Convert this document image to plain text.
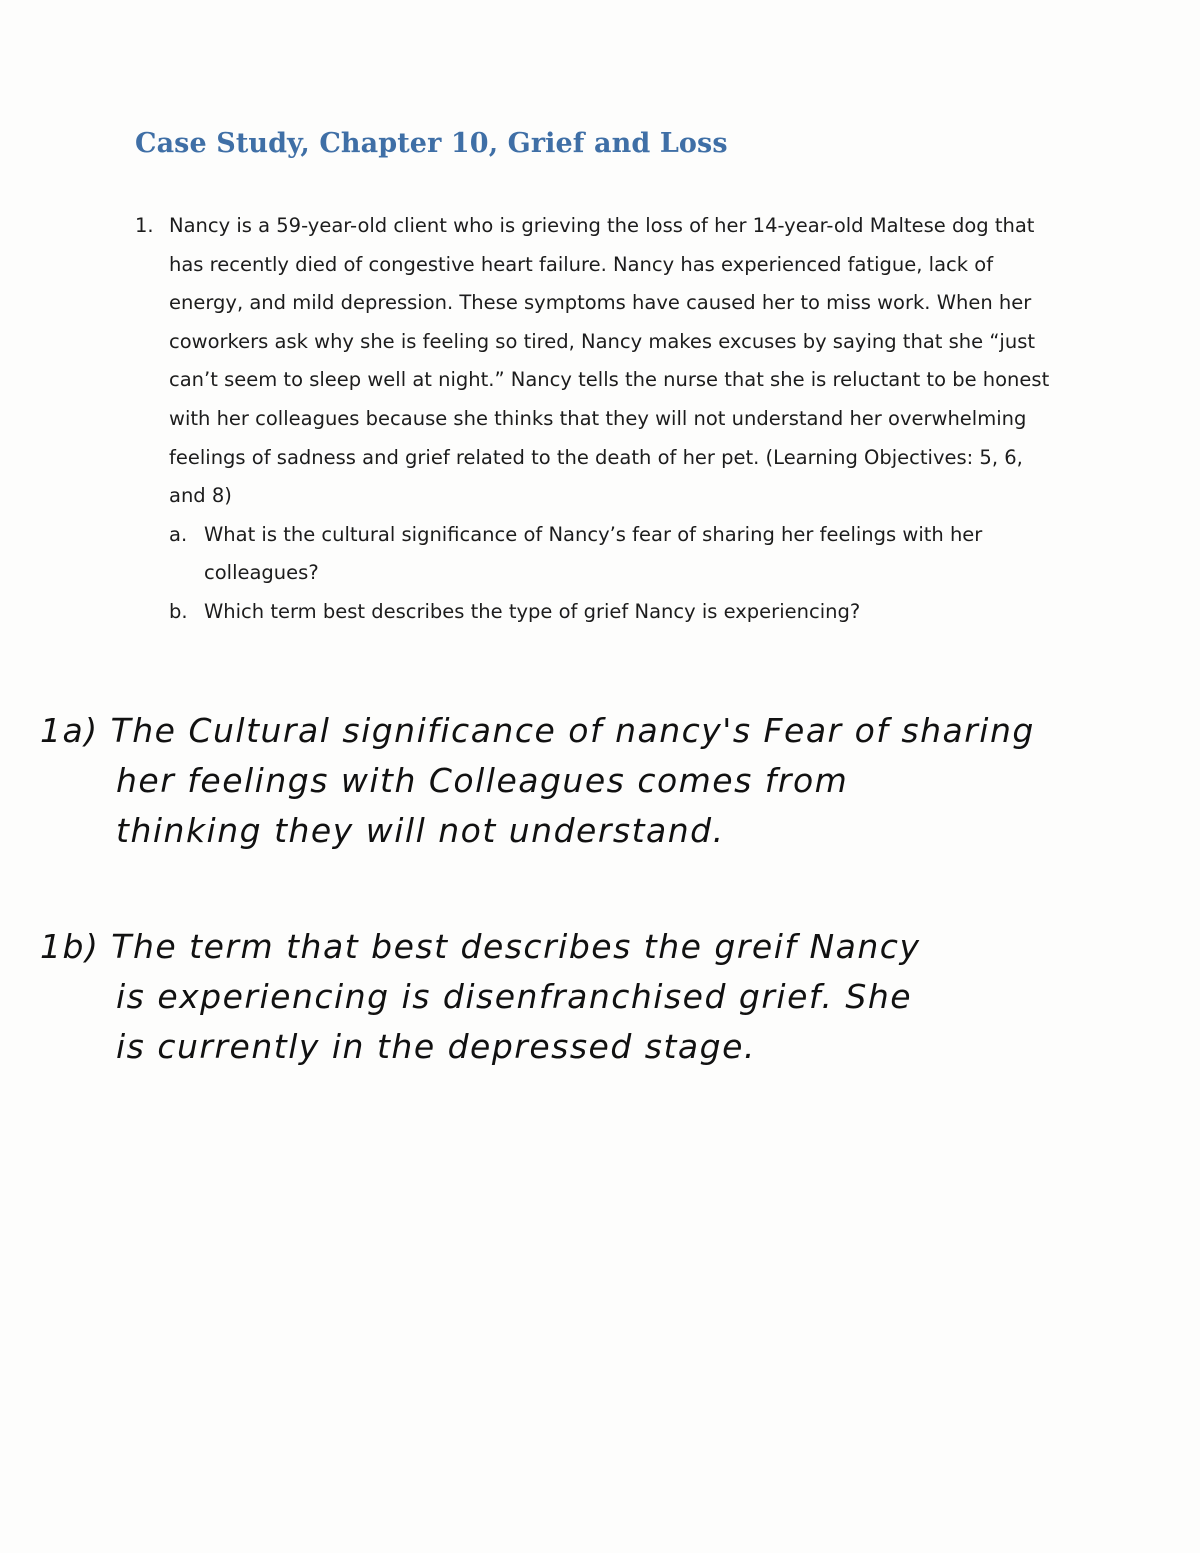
Case Study, Chapter 10, Grief and Loss
1. Nancy is a 59-year-old client who is grieving the loss of her 14-year-old Maltese dog that has recently died of congestive heart failure. Nancy has experienced fatigue, lack of energy, and mild depression. These symptoms have caused her to miss work. When her coworkers ask why she is feeling so tired, Nancy makes excuses by saying that she “just can’t seem to sleep well at night.” Nancy tells the nurse that she is reluctant to be honest with her colleagues because she thinks that they will not understand her overwhelming feelings of sadness and grief related to the death of her pet. (Learning Objectives: 5, 6, and 8)
a. What is the cultural significance of Nancy’s fear of sharing her feelings with her colleagues?
b. Which term best describes the type of grief Nancy is experiencing?
1a) The Cultural significance of nancy's Fear of sharing
her feelings with Colleagues comes from
thinking they will not understand.
1b) The term that best describes the greif Nancy
is experiencing is disenfranchised grief. She
is currently in the depressed stage.
